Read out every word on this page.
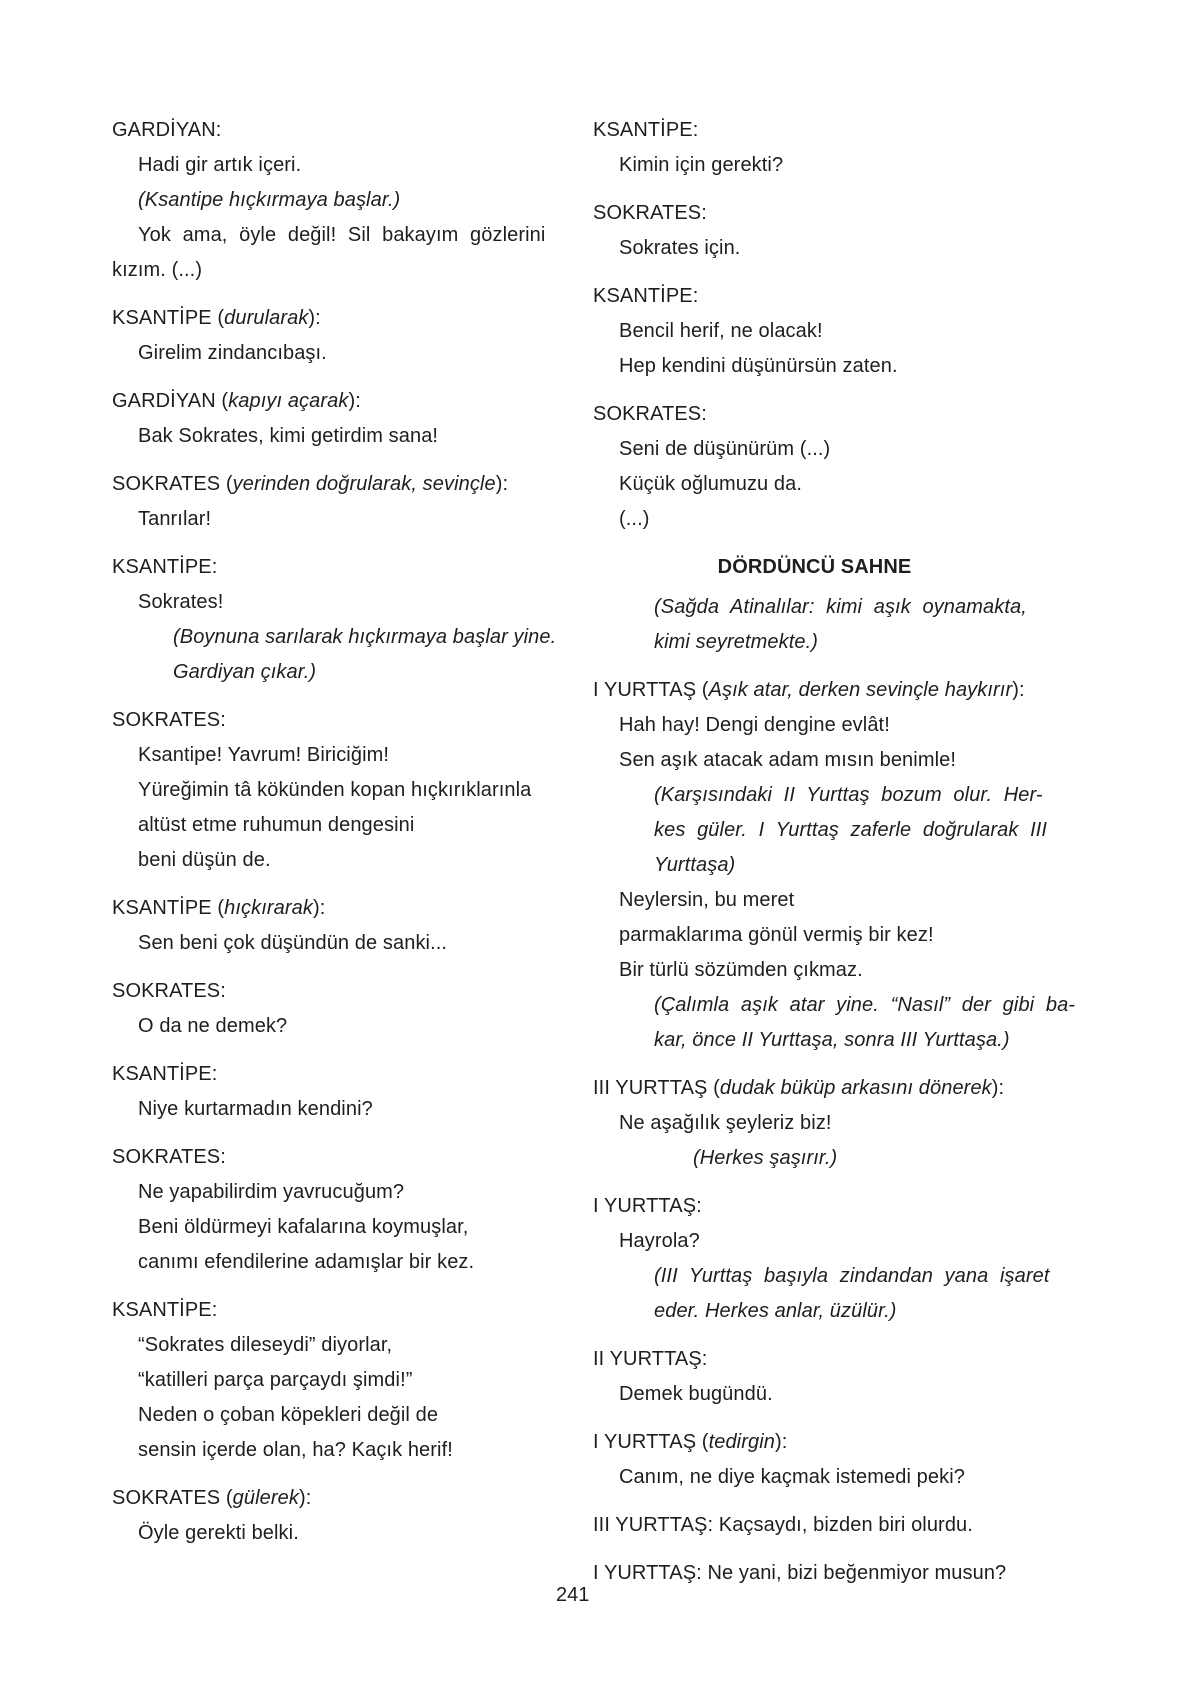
GARDİYAN:
Hadi gir artık içeri.
(Ksantipe hıçkırmaya başlar.)
Yok ama, öyle değil! Sil bakayım gözlerini
kızım. (...)
KSANTİPE (durularak):
Girelim zindancıbaşı.
GARDİYAN (kapıyı açarak):
Bak Sokrates, kimi getirdim sana!
SOKRATES (yerinden doğrularak, sevinçle):
Tanrılar!
KSANTİPE:
Sokrates!
(Boynuna sarılarak hıçkırmaya başlar yine.
Gardiyan çıkar.)
SOKRATES:
Ksantipe! Yavrum! Biriciğim!
Yüreğimin tâ kökünden kopan hıçkırıklarınla
altüst etme ruhumun dengesini
beni düşün de.
KSANTİPE (hıçkırarak):
Sen beni çok düşündün de sanki...
SOKRATES:
O da ne demek?
KSANTİPE:
Niye kurtarmadın kendini?
SOKRATES:
Ne yapabilirdim yavrucuğum?
Beni öldürmeyi kafalarına koymuşlar,
canımı efendilerine adamışlar bir kez.
KSANTİPE:
“Sokrates dileseydi” diyorlar,
“katilleri parça parçaydı şimdi!”
Neden o çoban köpekleri değil de
sensin içerde olan, ha? Kaçık herif!
SOKRATES (gülerek):
Öyle gerekti belki.
KSANTİPE:
Kimin için gerekti?
SOKRATES:
Sokrates için.
KSANTİPE:
Bencil herif, ne olacak!
Hep kendini düşünürsün zaten.
SOKRATES:
Seni de düşünürüm (...)
Küçük oğlumuzu da.
(...)
DÖRDÜNCÜ SAHNE
(Sağda Atinalılar: kimi aşık oynamakta,
kimi seyretmekte.)
I YURTTAŞ (Aşık atar, derken sevinçle haykırır):
Hah hay! Dengi dengine evlât!
Sen aşık atacak adam mısın benimle!
(Karşısındaki II Yurttaş bozum olur. Her-
kes güler. I Yurttaş zaferle doğrularak III
Yurttaşa)
Neylersin, bu meret
parmaklarıma gönül vermiş bir kez!
Bir türlü sözümden çıkmaz.
(Çalımla aşık atar yine. “Nasıl” der gibi ba-
kar, önce II Yurttaşa, sonra III Yurttaşa.)
III YURTTAŞ (dudak büküp arkasını dönerek):
Ne aşağılık şeyleriz biz!
(Herkes şaşırır.)
I YURTTAŞ:
Hayrola?
(III Yurttaş başıyla zindandan yana işaret
eder. Herkes anlar, üzülür.)
II YURTTAŞ:
Demek bugündü.
I YURTTAŞ (tedirgin):
Canım, ne diye kaçmak istemedi peki?
III YURTTAŞ: Kaçsaydı, bizden biri olurdu.
I YURTTAŞ: Ne yani, bizi beğenmiyor musun?
241
